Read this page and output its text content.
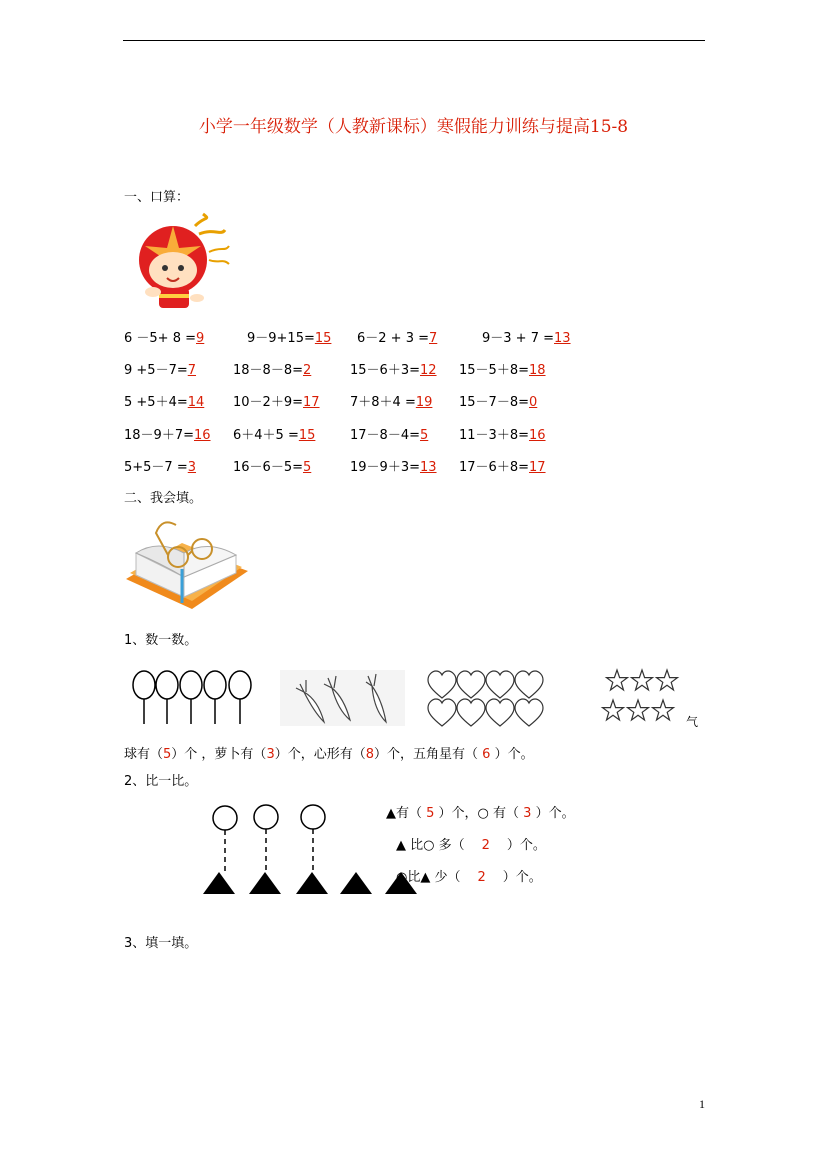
小学一年级数学（人教新课标）寒假能力训练与提高15-8
一、口算：
6 －5+ 8 =9	9－9+15=15 6－2 + 3 =7	9－3 + 7 =13
9 +5－7=7	18－8－8=2	15－6＋3=12 15－5＋8=18
5 +5＋4=14 10－2＋9=17 7＋8＋4 =19 15－7－8=0
18－9＋7=16 6＋4＋5 =15	17－8－4=5	11－3＋8=16
5+5－7 =3	16－6－5=5	19－9＋3=13 17－6＋8=17
二、我会填。
1、数一数。
气
球有（5）个 ，萝卜有（3）个，心形有（8）个，五角星有（ 6 ）个。
2、比一比。
▲有（ 5 ）个，○ 有（ 3 ）个。
▲ 比○ 多（ 2 ）个。
○比▲ 少（ 2 ）个。
3、填一填。
1
